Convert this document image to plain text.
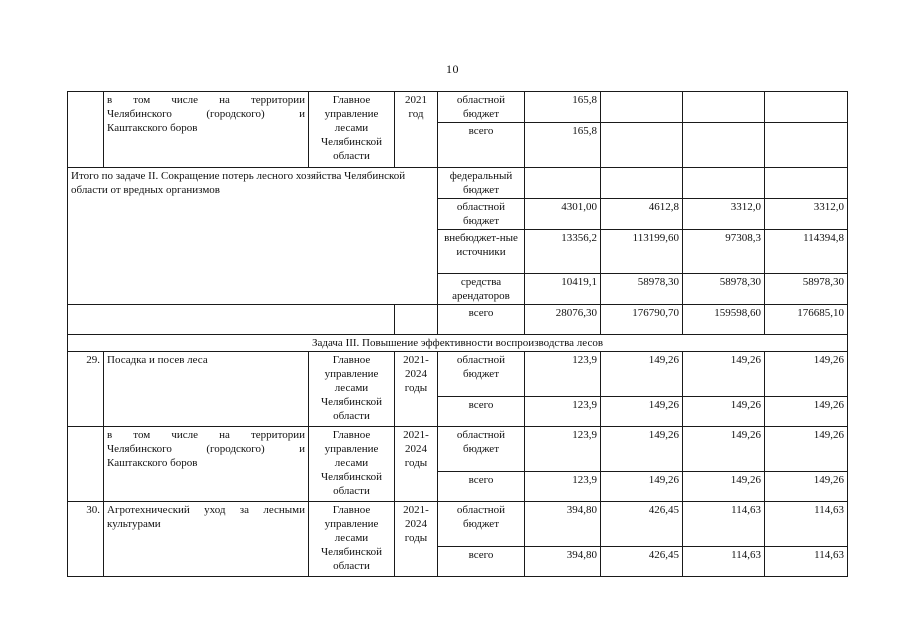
10

	в том числе на территории
Челябинского (городского) и
Каштакского боров	Главное управление лесами Челябинской области	2021 год	областной бюджет	165,8			
				всего	165,8			
Итого по задаче II. Сокращение потерь лесного хозяйства Челябинской области от вредных организмов				федеральный бюджет				
				областной бюджет	4301,00	4612,8	3312,0	3312,0
				внебюджет-ные источники	13356,2	113199,60	97308,3	114394,8
				средства арендаторов	10419,1	58978,30	58978,30	58978,30
				всего	28076,30	176790,70	159598,60	176685,10
Задача III. Повышение эффективности воспроизводства лесов								
29.	Посадка и посев леса	Главное управление лесами Челябинской области	2021-2024 годы	областной бюджет	123,9	149,26	149,26	149,26
				всего	123,9	149,26	149,26	149,26

	в том числе на территории
Челябинского (городского) и
Каштакского боров	Главное управление лесами Челябинской области	2021-2024 годы	областной бюджет	123,9	149,26	149,26	149,26
				всего	123,9	149,26	149,26	149,26
30.	Агротехнический уход за лесными
культурами	Главное управление лесами Челябинской области	2021-2024 годы	областной бюджет	394,80	426,45	114,63	114,63
				всего	394,80	426,45	114,63	114,63
